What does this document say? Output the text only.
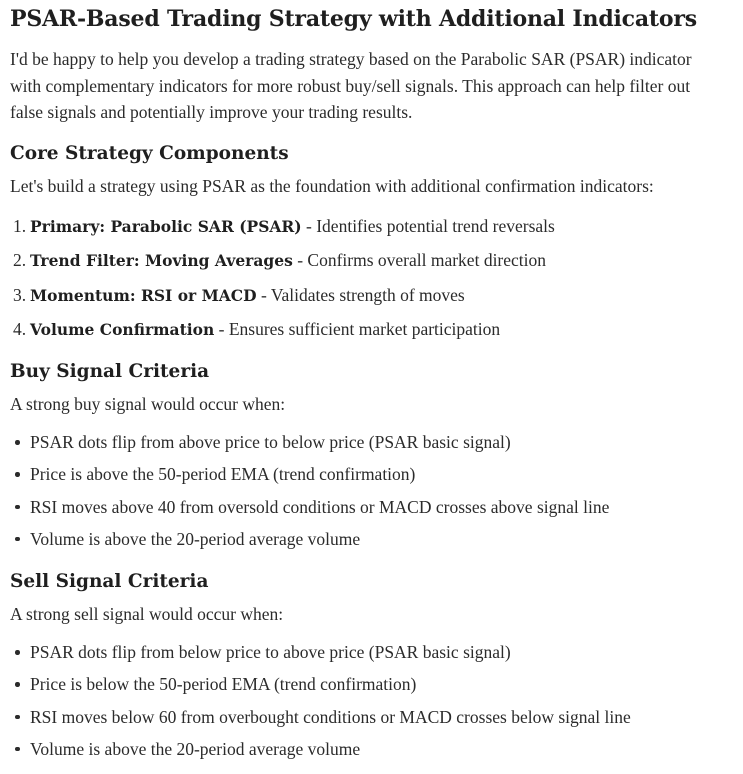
PSAR-Based Trading Strategy with Additional Indicators

I'd be happy to help you develop a trading strategy based on the Parabolic SAR (PSAR) indicator with complementary indicators for more robust buy/sell signals. This approach can help filter out false signals and potentially improve your trading results.

Core Strategy Components

Let's build a strategy using PSAR as the foundation with additional confirmation indicators:

1. Primary: Parabolic SAR (PSAR) - Identifies potential trend reversals
2. Trend Filter: Moving Averages - Confirms overall market direction
3. Momentum: RSI or MACD - Validates strength of moves
4. Volume Confirmation - Ensures sufficient market participation
Buy Signal Criteria

A strong buy signal would occur when:

PSAR dots flip from above price to below price (PSAR basic signal)
Price is above the 50-period EMA (trend confirmation)
RSI moves above 40 from oversold conditions or MACD crosses above signal line
Volume is above the 20-period average volume
Sell Signal Criteria

A strong sell signal would occur when:

PSAR dots flip from below price to above price (PSAR basic signal)
Price is below the 50-period EMA (trend confirmation)
RSI moves below 60 from overbought conditions or MACD crosses below signal line
Volume is above the 20-period average volume
